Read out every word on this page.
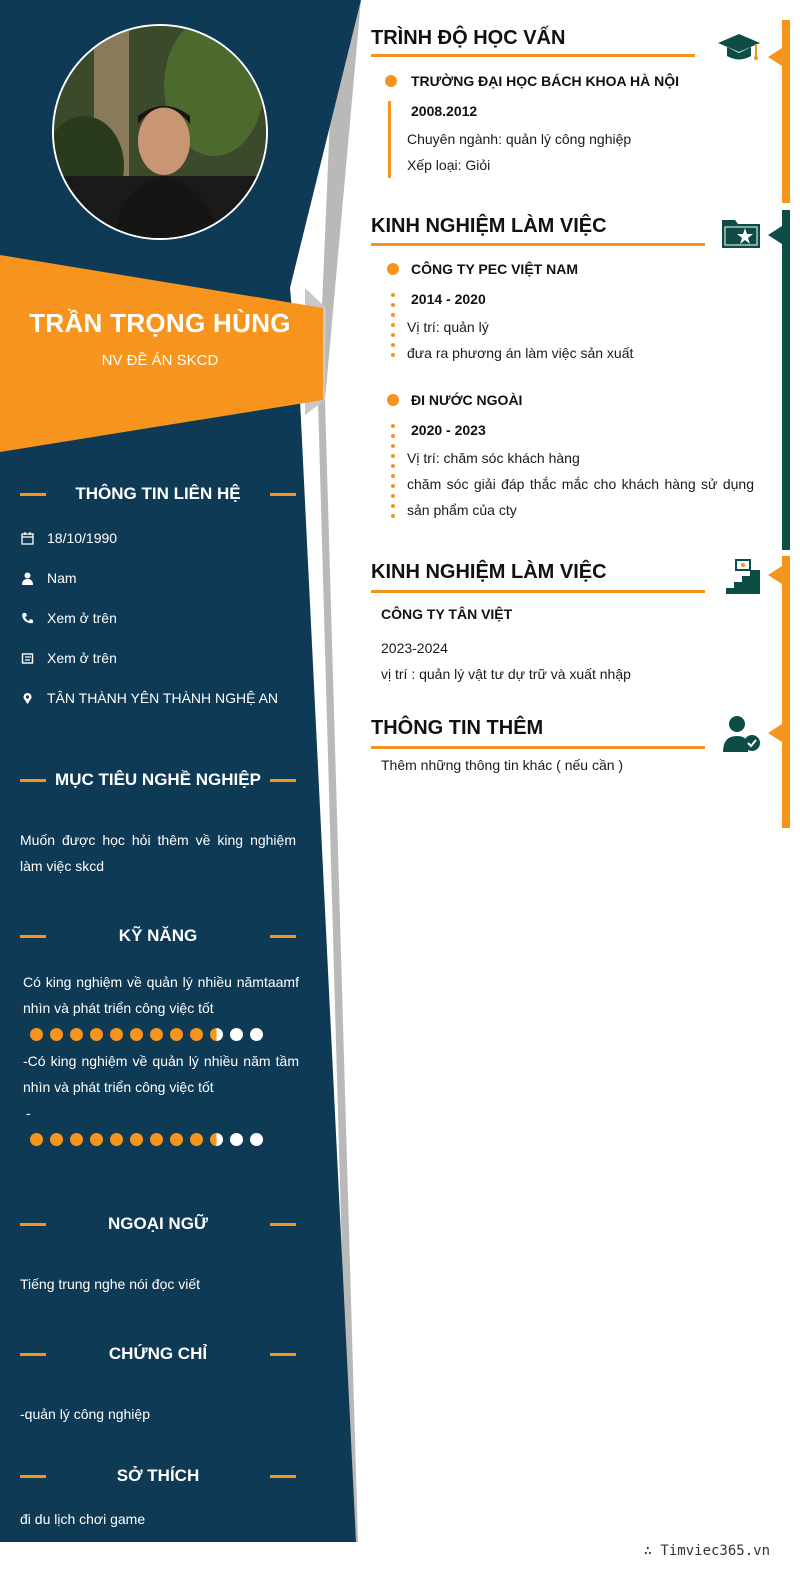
TRẦN TRỌNG HÙNG
NV ĐỀ ÁN SKCD
THÔNG TIN LIÊN HỆ
18/10/1990
Nam
Xem ở trên
Xem ở trên
TÂN THÀNH YÊN THÀNH NGHỆ AN
MỤC TIÊU NGHỀ NGHIỆP
Muốn được học hỏi thêm về king nghiệm làm việc skcd
KỸ NĂNG
Có king nghiệm về quản lý nhiều nămtaamf nhìn và phát triển công việc tốt
-Có king nghiệm về quản lý nhiều năm tầm nhìn và phát triển công việc tốt
-
NGOẠI NGỮ
Tiếng trung nghe nói đọc viết
CHỨNG CHỈ
-quản lý công nghiệp
SỞ THÍCH
đi du lịch chơi game
TRÌNH ĐỘ HỌC VẤN
TRƯỜNG ĐẠI HỌC BÁCH KHOA HÀ NỘI
2008.2012
Chuyên ngành: quản lý công nghiệp
Xếp loại: Giỏi
KINH NGHIỆM LÀM VIỆC
CÔNG TY PEC VIỆT NAM
2014 - 2020
Vị trí: quản lý
đưa ra phương án làm việc sản xuất
ĐI NƯỚC NGOÀI
2020 - 2023
Vị trí: chăm sóc khách hàng
chăm sóc giải đáp thắc mắc cho khách hàng sử dụng
sản phẩm của cty
KINH NGHIỆM LÀM VIỆC
CÔNG TY TÂN VIỆT
2023-2024
vị trí : quản lý vật tư dự trữ và xuất nhập
THÔNG TIN THÊM
Thêm những thông tin khác ( nếu cần )
∴ Timviec365.vn
